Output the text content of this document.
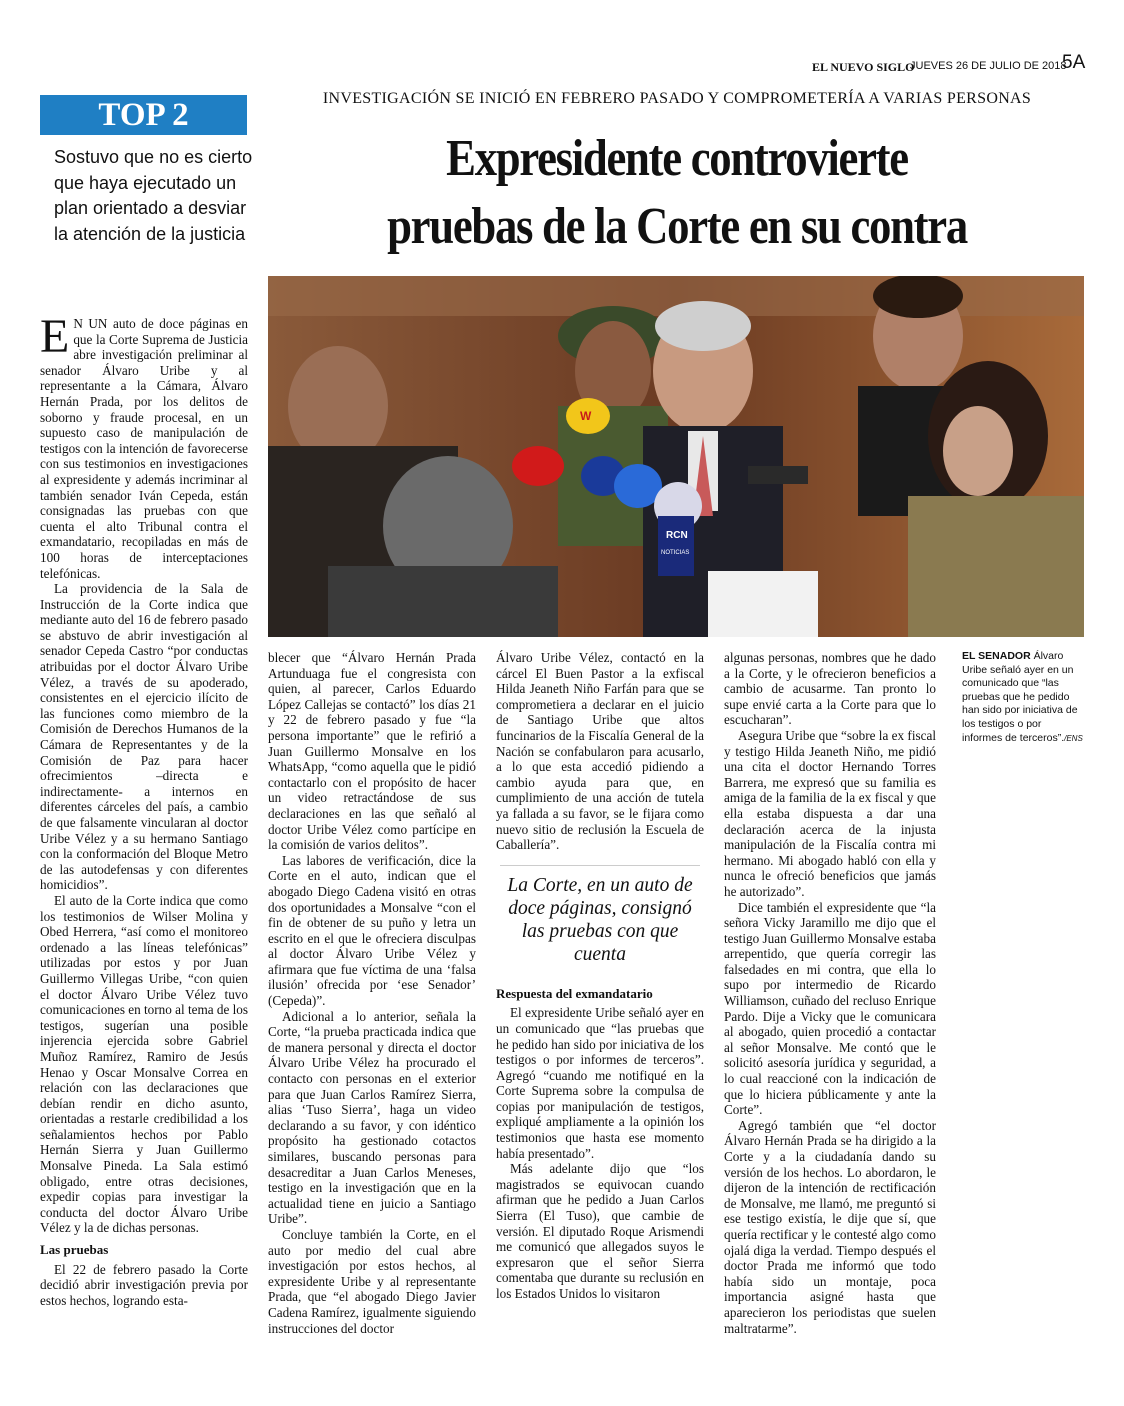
EL NUEVO SIGLO
JUEVES 26 DE JULIO DE 2018
5A
TOP 2
Sostuvo que no es cierto que haya ejecutado un plan orientado a desviar la atención de la justicia
INVESTIGACIÓN SE INICIÓ EN FEBRERO PASADO Y COMPROMETERÍA A VARIAS PERSONAS
Expresidente controvierte
pruebas de la Corte en su contra
W
RCN
NOTICIAS
EL SENADOR Álvaro Uribe señaló ayer en un comunicado que “las pruebas que he pedido han sido por iniciativa de los testigos o por informes de terceros”./ENS

E N UN auto de doce páginas en que la Corte Suprema de Justicia abre investigación preliminar al senador Álvaro Uribe y al representante a la Cámara, Álvaro Hernán Prada, por los delitos de soborno y fraude procesal, en un supuesto caso de manipulación de testigos con la intención de favorecerse con sus testimonios en investigaciones al expresidente y además incriminar al también senador Iván Cepeda, están consignadas las pruebas con que cuenta el alto Tribunal contra el exmandatario, recopiladas en más de 100 horas de interceptaciones telefónicas.

La providencia de la Sala de Instrucción de la Corte indica que mediante auto del 16 de febrero pasado se abstuvo de abrir investigación al senador Cepeda Castro “por conductas atribuidas por el doctor Álvaro Uribe Vélez, a través de su apoderado, consistentes en el ejercicio ilícito de las funciones como miembro de la Comisión de Derechos Humanos de la Cámara de Representantes y de la Comisión de Paz para hacer ofrecimientos –directa e indirectamente- a internos en diferentes cárceles del país, a cambio de que falsamente vincularan al doctor Uribe Vélez y a su hermano Santiago con la conformación del Bloque Metro de las autodefensas y con diferentes homicidios”.

El auto de la Corte indica que como los testimonios de Wilser Molina y Obed Herrera, “así como el monitoreo ordenado a las líneas telefónicas” utilizadas por estos y por Juan Guillermo Villegas Uribe, “con quien el doctor Álvaro Uribe Vélez tuvo comunicaciones en torno al tema de los testigos, sugerían una posible injerencia ejercida sobre Gabriel Muñoz Ramírez, Ramiro de Jesús Henao y Oscar Monsalve Correa en relación con las declaraciones que debían rendir en dicho asunto, orientadas a restarle credibilidad a los señalamientos hechos por Pablo Hernán Sierra y Juan Guillermo Monsalve Pineda. La Sala estimó obligado, entre otras decisiones, expedir copias para investigar la conducta del doctor Álvaro Uribe Vélez y la de dichas personas.

Las pruebas

El 22 de febrero pasado la Corte decidió abrir investigación previa por estos hechos, logrando esta-

blecer que “Álvaro Hernán Prada Artunduaga fue el congresista con quien, al parecer, Carlos Eduardo López Callejas se contactó” los días 21 y 22 de febrero pasado y fue “la persona importante” que le refirió a Juan Guillermo Monsalve en los WhatsApp, “como aquella que le pidió contactarlo con el propósito de hacer un video retractándose de sus declaraciones en las que señaló al doctor Uribe Vélez como partícipe en la comisión de varios delitos”.

Las labores de verificación, dice la Corte en el auto, indican que el abogado Diego Cadena visitó en otras dos oportunidades a Monsalve “con el fin de obtener de su puño y letra un escrito en el que le ofreciera disculpas al doctor Álvaro Uribe Vélez y afirmara que fue víctima de una ‘falsa ilusión’ ofrecida por ‘ese Senador’ (Cepeda)”.

Adicional a lo anterior, señala la Corte, “la prueba practicada indica que de manera personal y directa el doctor Álvaro Uribe Vélez ha procurado el contacto con personas en el exterior para que Juan Carlos Ramírez Sierra, alias ‘Tuso Sierra’, haga un video declarando a su favor, y con idéntico propósito ha gestionado cotactos similares, buscando personas para desacreditar a Juan Carlos Meneses, testigo en la investigación que en la actualidad tiene en juicio a Santiago Uribe”.

Concluye también la Corte, en el auto por medio del cual abre investigación por estos hechos, al expresidente Uribe y al representante Prada, que “el abogado Diego Javier Cadena Ramírez, igualmente siguiendo instrucciones del doctor

Álvaro Uribe Vélez, contactó en la cárcel El Buen Pastor a la exfiscal Hilda Jeaneth Niño Farfán para que se comprometiera a declarar en el juicio de Santiago Uribe que altos funcinarios de la Fiscalía General de la Nación se confabularon para acusarlo, a lo que esta accedió pidiendo a cambio ayuda para que, en cumplimiento de una acción de tutela ya fallada a su favor, se le fijara como nuevo sitio de reclusión la Escuela de Caballería”.

La Corte, en un auto de doce páginas, consignó las pruebas con que cuenta
Respuesta del exmandatario

El expresidente Uribe señaló ayer en un comunicado que “las pruebas que he pedido han sido por iniciativa de los testigos o por informes de terceros”. Agregó “cuando me notifiqué en la Corte Suprema sobre la compulsa de copias por manipulación de testigos, expliqué ampliamente a la opinión los testimonios que hasta ese momento había presentado”.

Más adelante dijo que “los magistrados se equivocan cuando afirman que he pedido a Juan Carlos Sierra (El Tuso), que cambie de versión. El diputado Roque Arismendi me comunicó que allegados suyos le expresaron que el señor Sierra comentaba que durante su reclusión en los Estados Unidos lo visitaron

algunas personas, nombres que he dado a la Corte, y le ofrecieron beneficios a cambio de acusarme. Tan pronto lo supe envié carta a la Corte para que lo escucharan”.

Asegura Uribe que “sobre la ex fiscal y testigo Hilda Jeaneth Niño, me pidió una cita el doctor Hernando Torres Barrera, me expresó que su familia es amiga de la familia de la ex fiscal y que ella estaba dispuesta a dar una declaración acerca de la injusta manipulación de la Fiscalía contra mi hermano. Mi abogado habló con ella y nunca le ofreció beneficios que jamás he autorizado”.

Dice también el expresidente que “la señora Vicky Jaramillo me dijo que el testigo Juan Guillermo Monsalve estaba arrepentido, que quería corregir las falsedades en mi contra, que ella lo supo por intermedio de Ricardo Williamson, cuñado del recluso Enrique Pardo. Dije a Vicky que le comunicara al abogado, quien procedió a contactar al señor Monsalve. Me contó que le solicitó asesoría jurídica y seguridad, a lo cual reaccioné con la indicación de que lo hiciera públicamente y ante la Corte”.

Agregó también que “el doctor Álvaro Hernán Prada se ha dirigido a la Corte y a la ciudadanía dando su versión de los hechos. Lo abordaron, le dijeron de la intención de rectificación de Monsalve, me llamó, me preguntó si ese testigo existía, le dije que sí, que quería rectificar y le contesté algo como ojalá diga la verdad. Tiempo después el doctor Prada me informó que todo había sido un montaje, poca importancia asigné hasta que aparecieron los periodistas que suelen maltratarme”.
